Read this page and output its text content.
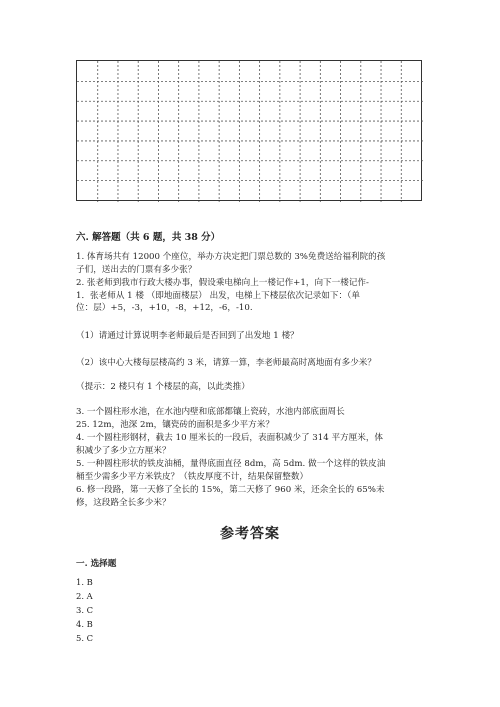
六. 解答题（共 6 题，共 38 分）
1. 体育场共有 12000 个座位，举办方决定把门票总数的 3%免费送给福利院的孩
子们，送出去的门票有多少张？
2. 张老师到我市行政大楼办事，假设乘电梯向上一楼记作+1，向下一楼记作-
1．张老师从 1 楼 （即地面楼层） 出发，电梯上下楼层依次记录如下：（单
位：层）+5，-3，+10，-8，+12，-6，-10.
（1）请通过计算说明李老师最后是否回到了出发地 1 楼？
（2）该中心大楼每层楼高约 3 米，请算一算，李老师最高时离地面有多少米？
（提示：2 楼只有 1 个楼层的高，以此类推）
3. 一个圆柱形水池，在水池内壁和底部都镶上瓷砖，水池内部底面周长
25. 12m，池深 2m，镶瓷砖的面积是多少平方米？
4. 一个圆柱形钢材，截去 10 厘米长的一段后，表面积减少了 314 平方厘米，体
积减少了多少立方厘米？
5. 一种圆柱形状的铁皮油桶，量得底面直径 8dm，高 5dm. 做一个这样的铁皮油
桶至少需多少平方米铁皮？（铁皮厚度不计，结果保留整数）
6. 修一段路，第一天修了全长的 15%，第二天修了 960 米，还余全长的 65%未
修，这段路全长多少米？
参考答案
一. 选择题
1. B
2. A
3. C
4. B
5. C
